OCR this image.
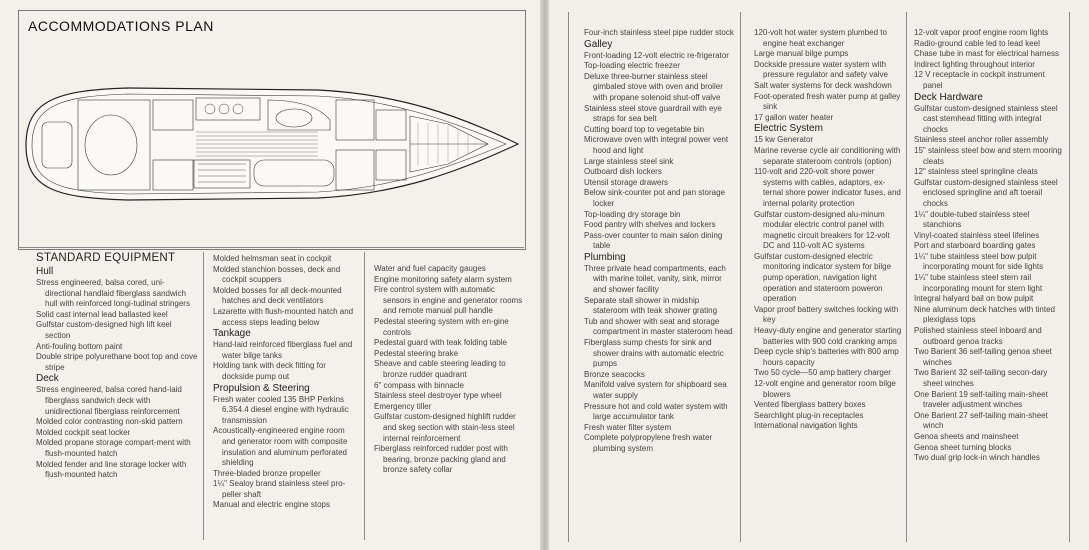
ACCOMMODATIONS PLAN
STANDARD EQUIPMENT
Hull

Stress engineered, balsa cored, uni-directional handlaid fiberglass sandwich hull with reinforced longi-tudinal stringers

Solid cast internal lead ballasted keel

Gulfstar custom-designed high lift keel section

Anti-fouling bottom paint

Double stripe polyurethane boot top and cove stripe

Deck

Stress engineered, balsa cored hand-laid fiberglass sandwich deck with unidirectional fiberglass reinforcement

Molded color contrasting non-skid pattern

Molded cockpit seat locker

Molded propane storage compart-ment with flush-mounted hatch

Molded fender and line storage locker with flush-mounted hatch

Molded helmsman seat in cockpit

Molded stanchion bosses, deck and cockpit scuppers

Molded bosses for all deck-mounted hatches and deck ventilators

Lazarette with flush-mounted hatch and access steps leading below

Tankage

Hand-laid reinforced fiberglass fuel and water bilge tanks

Holding tank with deck fitting for dockside pump out

Propulsion & Steering

Fresh water cooled 135 BHP Perkins 6.354.4 diesel engine with hydraulic transmission

Acoustically-engineered engine room and generator room with composite insulation and aluminum perforated shielding

Three-bladed bronze propeller

1¼" Sealoy brand stainless steel pro-peller shaft

Manual and electric engine stops

Water and fuel capacity gauges

Engine monitoring safety alarm system

Fire control system with automatic sensors in engine and generator rooms and remote manual pull handle

Pedestal steering system with en-gine controls

Pedestal guard with teak folding table

Pedestal steering brake

Sheave and cable steering leading to bronze rudder quadrant

6" compass with binnacle

Stainless steel destroyer type wheel

Emergency tiller

Gulfstar custom-designed highlift rudder and skeg section with stain-less steel internal reinforcement

Fiberglass reinforced rudder post with bearing, bronze packing gland and bronze safety collar

Four-inch stainless steel pipe rudder stock

Galley

Front-loading 12-volt electric re-frigerator

Top-loading electric freezer

Deluxe three-burner stainless steel gimbaled stove with oven and broiler with propane solenoid shut-off valve

Stainless steel stove guardrail with eye straps for sea belt

Cutting board top to vegetable bin

Microwave oven with integral power vent hood and light

Large stainless steel sink

Outboard dish lockers

Utensil storage drawers

Below sink-counter pot and pan storage locker

Top-loading dry storage bin

Food pantry with shelves and lockers

Pass-over counter to main salon dining table

Plumbing

Three private head compartments, each with marine toilet, vanity, sink, mirror and shower facility

Separate stall shower in midship stateroom with teak shower grating

Tub and shower with seat and storage compartment in master stateroom head

Fiberglass sump chests for sink and shower drains with automatic electric pumps

Bronze seacocks

Manifold valve system for shipboard sea water supply

Pressure hot and cold water system with large accumulator tank

Fresh water filter system

Complete polypropylene fresh water plumbing system

120-volt hot water system plumbed to engine heat exchanger

Large manual bilge pumps

Dockside pressure water system with pressure regulator and safety valve

Salt water systems for deck washdown

Foot-operated fresh water pump at galley sink

17 gallon water heater

Electric System

15 kw Generator

Marine reverse cycle air conditioning with separate stateroom controls (option)

110-volt and 220-volt shore power systems with cables, adaptors, ex-ternal shore power indicator fuses, and internal polarity protection

Gulfstar custom-designed alu-minum modular electric control panel with magnetic circuit breakers for 12-volt DC and 110-volt AC systems

Gulfstar custom-designed electric monitoring indicator system for bilge pump operation, navigation light operation and stateroom poweron operation

Vapor proof battery switches locking with key

Heavy-duty engine and generator starting batteries with 900 cold cranking amps

Deep cycle ship's batteries with 800 amp hours capacity

Two 50 cycle—50 amp battery charger

12-volt engine and generator room bilge blowers

Vented fiberglass battery boxes

Searchlight plug-in receptacles

International navigation lights

12-volt vapor proof engine room lights

Radio-ground cable led to lead keel

Chase tube in mast for electrical harness

Indirect lighting throughout interior

12 V receptacle in cockpit instrument panel

Deck Hardware

Gulfstar custom-designed stainless steel cast stemhead fitting with integral chocks

Stainless steel anchor roller assembly

15" stainless steel bow and stern mooring cleats

12" stainless steel springline cleats

Gulfstar custom-designed stainless steel enclosed springline and aft toerail chocks

1¼" double-tubed stainless steel stanchions

Vinyl-coated stainless steel lifelines

Port and starboard boarding gates

1¼" tube stainless steel bow pulpit incorporating mount for side lights

1¼" tube stainless steel stern rail incorporating mount for stern light

Integral halyard bail on bow pulpit

Nine aluminum deck hatches with tinted plexiglass tops

Polished stainless steel inboard and outboard genoa tracks

Two Barient 36 self-tailing genoa sheet winches

Two Barient 32 self-tailing secon-dary sheet winches

One Barient 19 self-tailing main-sheet traveler adjustment winches

One Barient 27 self-tailing main-sheet winch

Genoa sheets and mainsheet

Genoa sheet turning blocks

Two dual grip lock-in winch handles
